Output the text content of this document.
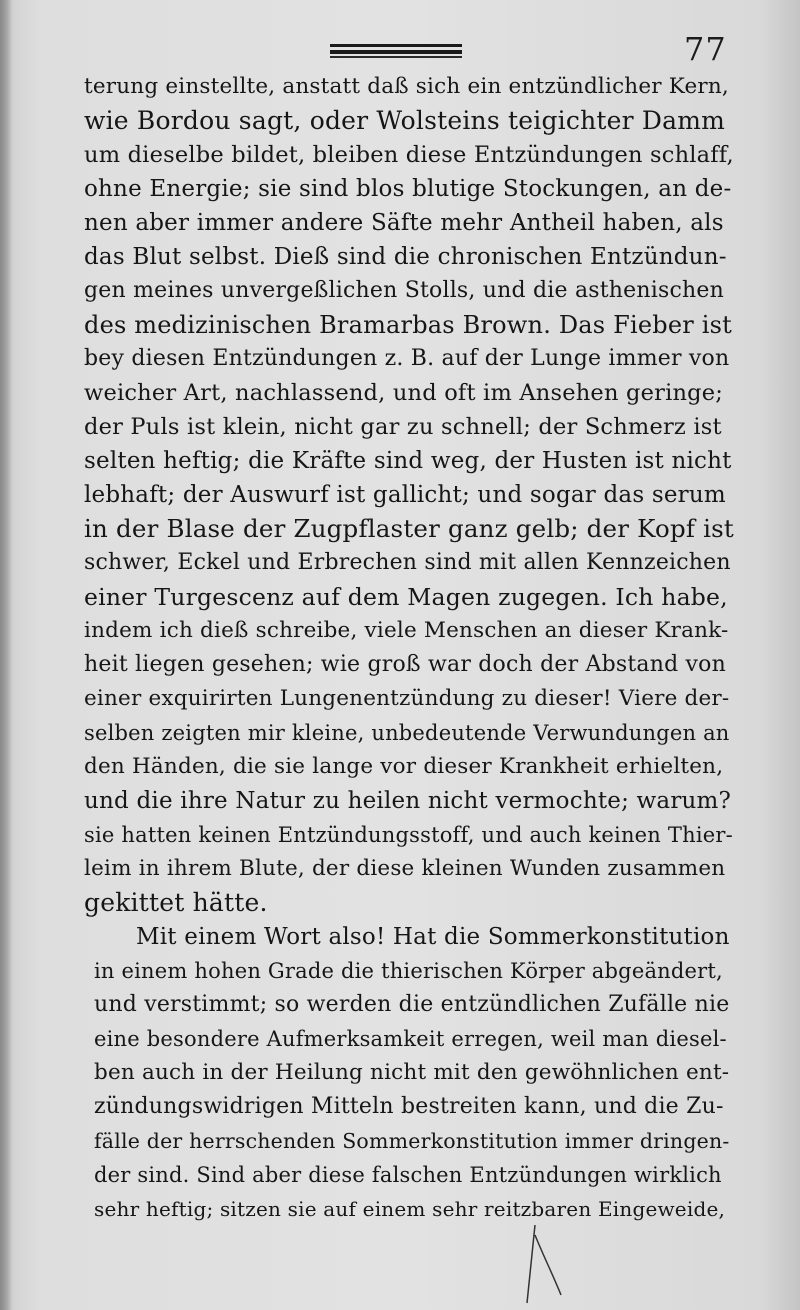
77
terung einstellte, anstatt daß sich ein entzündlicher Kern,
wie Bordou sagt, oder Wolsteins teigichter Damm
um dieselbe bildet, bleiben diese Entzündungen schlaff,
ohne Energie; sie sind blos blutige Stockungen, an de-
nen aber immer andere Säfte mehr Antheil haben, als
das Blut selbst. Dieß sind die chronischen Entzündun-
gen meines unvergeßlichen Stolls, und die asthenischen
des medizinischen Bramarbas Brown. Das Fieber ist
bey diesen Entzündungen z. B. auf der Lunge immer von
weicher Art, nachlassend, und oft im Ansehen geringe;
der Puls ist klein, nicht gar zu schnell; der Schmerz ist
selten heftig; die Kräfte sind weg, der Husten ist nicht
lebhaft; der Auswurf ist gallicht; und sogar das serum
in der Blase der Zugpflaster ganz gelb; der Kopf ist
schwer, Eckel und Erbrechen sind mit allen Kennzeichen
einer Turgescenz auf dem Magen zugegen. Ich habe,
indem ich dieß schreibe, viele Menschen an dieser Krank-
heit liegen gesehen; wie groß war doch der Abstand von
einer exquirirten Lungenentzündung zu dieser! Viere der-
selben zeigten mir kleine, unbedeutende Verwundungen an
den Händen, die sie lange vor dieser Krankheit erhielten,
und die ihre Natur zu heilen nicht vermochte; warum?
sie hatten keinen Entzündungsstoff, und auch keinen Thier-
leim in ihrem Blute, der diese kleinen Wunden zusammen
gekittet hätte.
Mit einem Wort also! Hat die Sommerkonstitution
in einem hohen Grade die thierischen Körper abgeändert,
und verstimmt; so werden die entzündlichen Zufälle nie
eine besondere Aufmerksamkeit erregen, weil man diesel-
ben auch in der Heilung nicht mit den gewöhnlichen ent-
zündungswidrigen Mitteln bestreiten kann, und die Zu-
fälle der herrschenden Sommerkonstitution immer dringen-
der sind. Sind aber diese falschen Entzündungen wirklich
sehr heftig; sitzen sie auf einem sehr reitzbaren Eingeweide,
